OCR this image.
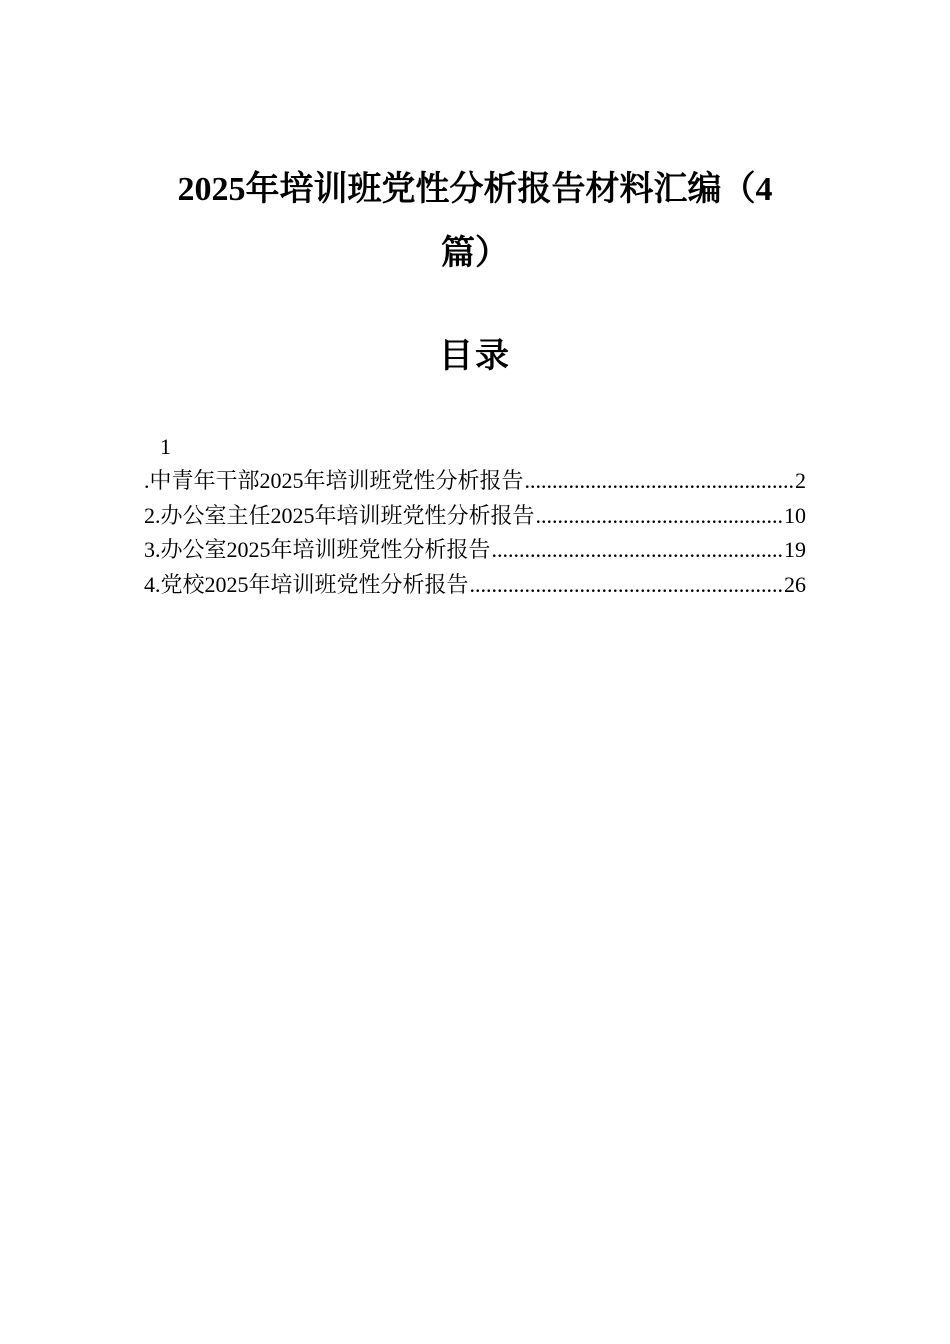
2025年培训班党性分析报告材料汇编（4
篇）
目录
1
.中青年干部2025年培训班党性分析报告 .....	2
2.办公室主任2025年培训班党性分析报告 .....	10
3.办公室2025年培训班党性分析报告 .....	19
4.党校2025年培训班党性分析报告 .....	26
